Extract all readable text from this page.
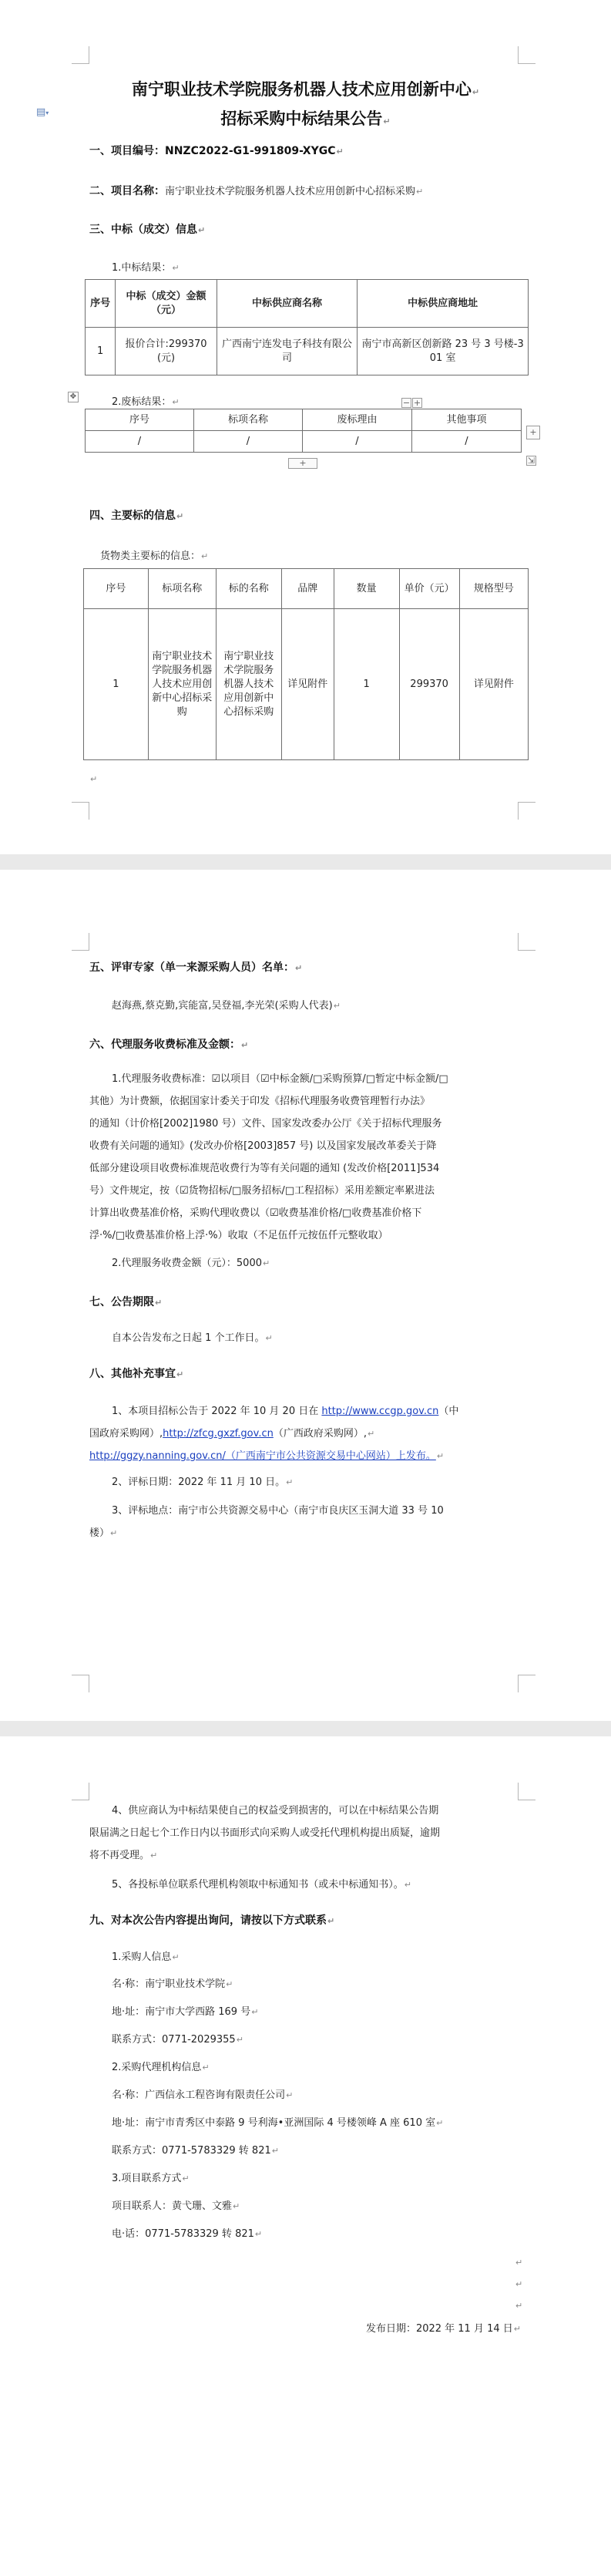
▤▾
南宁职业技术学院服务机器人技术应用创新中心↵
招标采购中标结果公告↵
一、项目编号：NNZC2022-G1-991809-XYGC↵
二、项目名称：南宁职业技术学院服务机器人技术应用创新中心招标采购↵
三、中标（成交）信息↵
1.中标结果：↵
序号	中标（成交）金额（元）	中标供应商名称	中标供应商地址
1	报价合计:299370(元)	广西南宁连发电子科技有限公司	南宁市高新区创新路 23 号 3 号楼-301 室
✥	2.废标结果：↵	− +
序号	标项名称	废标理由	其他事项
/	/	/	/
+
⇲
+
四、主要标的信息↵
货物类主要标的信息：↵
序号	标项名称	标的名称	品牌	数量	单价（元）	规格型号
1	南宁职业技术学院服务机器人技术应用创新中心招标采购	南宁职业技术学院服务机器人技术应用创新中心招标采购	详见附件	1	299370	详见附件
↵
五、评审专家（单一来源采购人员）名单：↵
赵海燕,蔡克勤,宾能富,吴登福,李光荣(采购人代表)↵
六、代理服务收费标准及金额：↵
1.代理服务收费标准：☑以项目（☑中标金额/□采购预算/□暂定中标金额/□
其他）为计费额，依据国家计委关于印发《招标代理服务收费管理暂行办法》
的通知（计价格[2002]1980 号）文件、国家发改委办公厅《关于招标代理服务
收费有关问题的通知》(发改办价格[2003]857 号) 以及国家发展改革委关于降
低部分建设项目收费标准规范收费行为等有关问题的通知 (发改价格[2011]534
号）文件规定，按（☑货物招标/□服务招标/□工程招标）采用差额定率累进法
计算出收费基准价格，采购代理收费以（☑收费基准价格/□收费基准价格下
浮·%/□收费基准价格上浮·%）收取（不足伍仟元按伍仟元整收取）
2.代理服务收费金额（元）：5000↵
七、公告期限↵
自本公告发布之日起 1 个工作日。↵
八、其他补充事宜↵
1、本项目招标公告于 2022 年 10 月 20 日在 http://www.ccgp.gov.cn（中
国政府采购网）,http://zfcg.gxzf.gov.cn（广西政府采购网）,↵
http://ggzy.nanning.gov.cn/（广西南宁市公共资源交易中心网站）上发布。↵
2、评标日期：2022 年 11 月 10 日。↵
3、评标地点：南宁市公共资源交易中心（南宁市良庆区玉洞大道 33 号 10
楼）↵
4、供应商认为中标结果使自己的权益受到损害的，可以在中标结果公告期
限届满之日起七个工作日内以书面形式向采购人或受托代理机构提出质疑，逾期
将不再受理。↵
5、各投标单位联系代理机构领取中标通知书（或未中标通知书）。↵
九、对本次公告内容提出询问，请按以下方式联系↵
1.采购人信息↵
名·称：南宁职业技术学院↵
地·址：南宁市大学西路 169 号↵
联系方式：0771-2029355↵
2.采购代理机构信息↵
名·称：广西信永工程咨询有限责任公司↵
地·址：南宁市青秀区中泰路 9 号利海•亚洲国际 4 号楼领峰 A 座 610 室↵
联系方式：0771-5783329 转 821↵
3.项目联系方式↵
项目联系人：黄弋珊、文雅↵
电·话：0771-5783329 转 821↵
↵
↵
↵
发布日期：2022 年 11 月 14 日↵
